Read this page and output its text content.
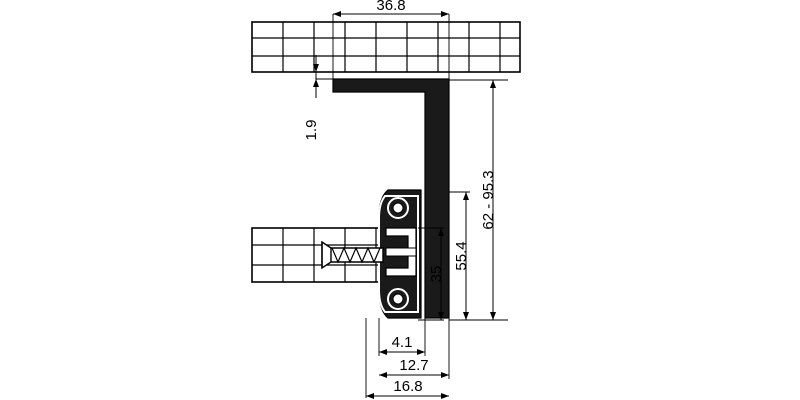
36.8
1.9
35
55.4
62 - 95.3
4.1
12.7
16.8
